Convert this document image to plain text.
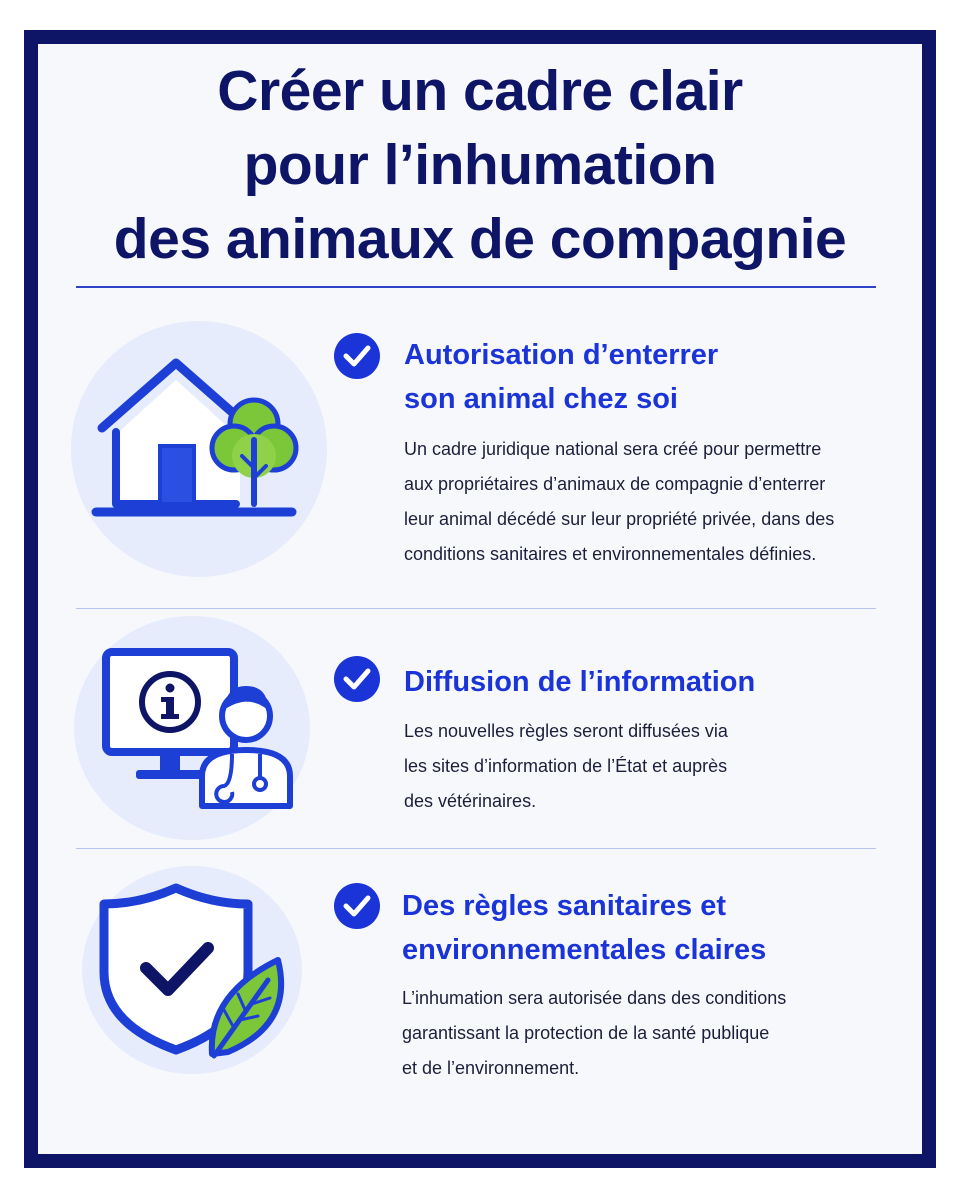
Créer un cadre clair
pour l’inhumation
des animaux de compagnie
Autorisation d’enterrer
son animal chez soi

Un cadre juridique national sera créé pour permettre
aux propriétaires d’animaux de compagnie d’enterrer
leur animal décédé sur leur propriété privée, dans des
conditions sanitaires et environnementales définies.

Diffusion de l’information

Les nouvelles règles seront diffusées via
les sites d’information de l’État et auprès
des vétérinaires.

Des règles sanitaires et
environnementales claires

L’inhumation sera autorisée dans des conditions
garantissant la protection de la santé publique
et de l’environnement.
